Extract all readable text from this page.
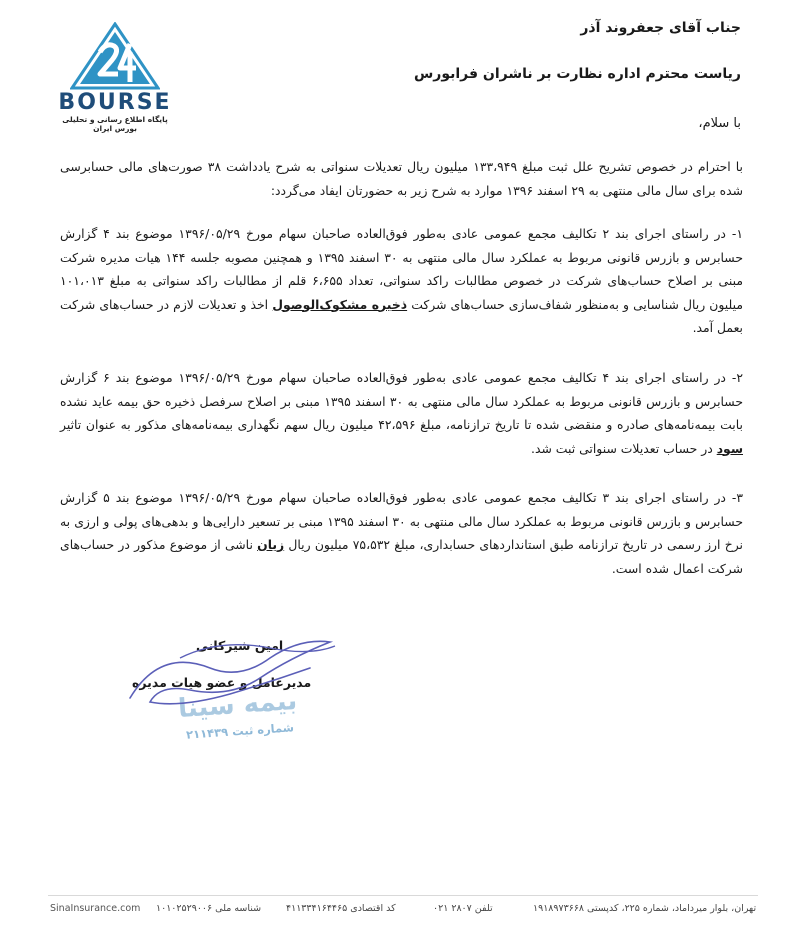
BOURSE
پایگاه اطلاع رسانی و تحلیلی بورس ایران
جناب آقای جعفروند آذر
ریاست محترم اداره نظارت بر ناشران فرابورس
با سلام،
با احترام در خصوص تشریح علل ثبت مبلغ ۱۳۳،۹۴۹ میلیون ریال تعدیلات سنواتی به شرح یادداشت ۳۸ صورت‌های مالی حسابرسی شده برای سال مالی منتهی به ۲۹ اسفند ۱۳۹۶ موارد به شرح زیر به حضورتان ایفاد می‌گردد:
۱- در راستای اجرای بند ۲ تکالیف مجمع عمومی عادی به‌طور فوق‌العاده صاحبان سهام مورخ ۱۳۹۶/۰۵/۲۹ موضوع بند ۴ گزارش حسابرس و بازرس قانونی مربوط به عملکرد سال مالی منتهی به ۳۰ اسفند ۱۳۹۵ و همچنین مصوبه جلسه ۱۴۴ هیات مدیره شرکت مبنی بر اصلاح حساب‌های شرکت در خصوص مطالبات راکد سنواتی، تعداد ۶،۶۵۵ قلم از مطالبات راکد سنواتی به مبلغ ۱۰۱،۰۱۳ میلیون ریال شناسایی و به‌منظور شفاف‌سازی حساب‌های شرکت ذخیره مشکوک‌الوصول اخذ و تعدیلات لازم در حساب‌های شرکت بعمل آمد.
۲- در راستای اجرای بند ۴ تکالیف مجمع عمومی عادی به‌طور فوق‌العاده صاحبان سهام مورخ ۱۳۹۶/۰۵/۲۹ موضوع بند ۶ گزارش حسابرس و بازرس قانونی مربوط به عملکرد سال مالی منتهی به ۳۰ اسفند ۱۳۹۵ مبنی بر اصلاح سرفصل ذخیره حق بیمه عاید نشده بابت بیمه‌نامه‌های صادره و منقضی شده تا تاریخ ترازنامه، مبلغ ۴۲،۵۹۶ میلیون ریال سهم نگهداری بیمه‌نامه‌های مذکور به عنوان تاثیر سود در حساب تعدیلات سنواتی ثبت شد.
۳- در راستای اجرای بند ۳ تکالیف مجمع عمومی عادی به‌طور فوق‌العاده صاحبان سهام مورخ ۱۳۹۶/۰۵/۲۹ موضوع بند ۵ گزارش حسابرس و بازرس قانونی مربوط به عملکرد سال مالی منتهی به ۳۰ اسفند ۱۳۹۵ مبنی بر تسعیر دارایی‌ها و بدهی‌های پولی و ارزی به نرخ ارز رسمی در تاریخ ترازنامه طبق استانداردهای حسابداری، مبلغ ۷۵،۵۳۲ میلیون ریال زیان ناشی از موضوع مذکور در حساب‌های شرکت اعمال شده است.
بیمه سینا
شماره ثبت ۲۱۱۴۳۹
امین شیرکانی
مدیرعامل و عضو هیات مدیره
تهران، بلوار میرداماد، شماره ۲۲۵، کدپستی ۱۹۱۸۹۷۳۶۶۸
تلفن ۲۸۰۷ ۰۲۱
کد اقتصادی ۴۱۱۳۳۴۱۶۴۴۶۵
شناسه ملی ۱۰۱۰۲۵۲۹۰۰۶
SinaInsurance.com
